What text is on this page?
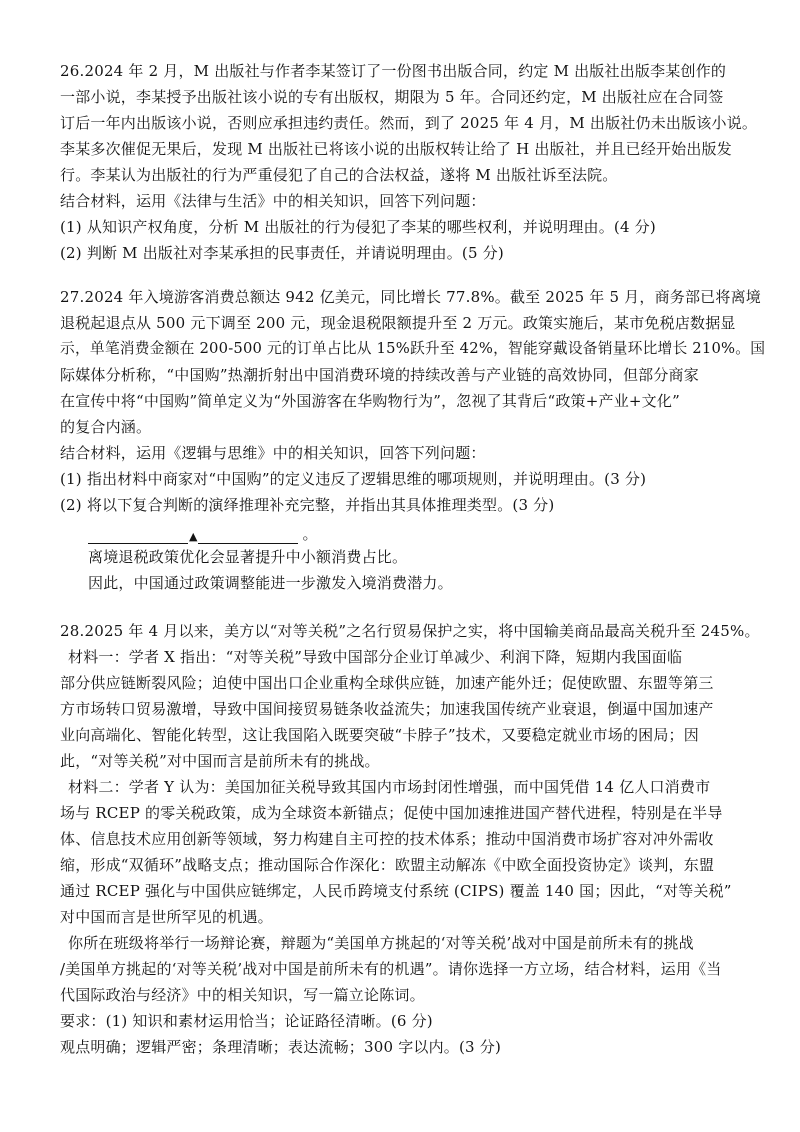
26.2024 年 2 月，M 出版社与作者李某签订了一份图书出版合同，约定 M 出版社出版李某创作的

一部小说，李某授予出版社该小说的专有出版权，期限为 5 年。合同还约定，M 出版社应在合同签

订后一年内出版该小说，否则应承担违约责任。然而，到了 2025 年 4 月，M 出版社仍未出版该小说。

李某多次催促无果后，发现 M 出版社已将该小说的出版权转让给了 H 出版社，并且已经开始出版发

行。李某认为出版社的行为严重侵犯了自己的合法权益，遂将 M 出版社诉至法院。

结合材料，运用《法律与生活》中的相关知识，回答下列问题：

(1) 从知识产权角度，分析 M 出版社的行为侵犯了李某的哪些权利，并说明理由。(4 分)

(2) 判断 M 出版社对李某承担的民事责任，并请说明理由。(5 分)

27.2024 年入境游客消费总额达 942 亿美元，同比增长 77.8%。截至 2025 年 5 月，商务部已将离境

退税起退点从 500 元下调至 200 元，现金退税限额提升至 2 万元。政策实施后，某市免税店数据显

示，单笔消费金额在 200-500 元的订单占比从 15%跃升至 42%，智能穿戴设备销量环比增长 210%。国

际媒体分析称，“中国购”热潮折射出中国消费环境的持续改善与产业链的高效协同，但部分商家

在宣传中将“中国购”简单定义为“外国游客在华购物行为”，忽视了其背后“政策+产业+文化”

的复合内涵。

结合材料，运用《逻辑与思维》中的相关知识，回答下列问题：

(1) 指出材料中商家对“中国购”的定义违反了逻辑思维的哪项规则，并说明理由。(3 分)

(2) 将以下复合判断的演绎推理补充完整，并指出其具体推理类型。(3 分)

▲	。

离境退税政策优化会显著提升中小额消费占比。

因此，中国通过政策调整能进一步激发入境消费潜力。

28.2025 年 4 月以来，美方以“对等关税”之名行贸易保护之实，将中国输美商品最高关税升至 245%。

材料一：学者 X 指出：“对等关税”导致中国部分企业订单减少、利润下降，短期内我国面临

部分供应链断裂风险；迫使中国出口企业重构全球供应链，加速产能外迁；促使欧盟、东盟等第三

方市场转口贸易激增，导致中国间接贸易链条收益流失；加速我国传统产业衰退，倒逼中国加速产

业向高端化、智能化转型，这让我国陷入既要突破“卡脖子”技术，又要稳定就业市场的困局；因

此，“对等关税”对中国而言是前所未有的挑战。

材料二：学者 Y 认为：美国加征关税导致其国内市场封闭性增强，而中国凭借 14 亿人口消费市

场与 RCEP 的零关税政策，成为全球资本新锚点；促使中国加速推进国产替代进程，特别是在半导

体、信息技术应用创新等领域，努力构建自主可控的技术体系；推动中国消费市场扩容对冲外需收

缩，形成“双循环”战略支点；推动国际合作深化：欧盟主动解冻《中欧全面投资协定》谈判，东盟

通过 RCEP 强化与中国供应链绑定，人民币跨境支付系统 (CIPS) 覆盖 140 国；因此，“对等关税”

对中国而言是世所罕见的机遇。

你所在班级将举行一场辩论赛，辩题为“美国单方挑起的‘对等关税’战对中国是前所未有的挑战

/美国单方挑起的‘对等关税’战对中国是前所未有的机遇”。请你选择一方立场，结合材料，运用《当

代国际政治与经济》中的相关知识，写一篇立论陈词。

要求：(1) 知识和素材运用恰当；论证路径清晰。(6 分)

观点明确；逻辑严密；条理清晰；表达流畅；300 字以内。(3 分)
